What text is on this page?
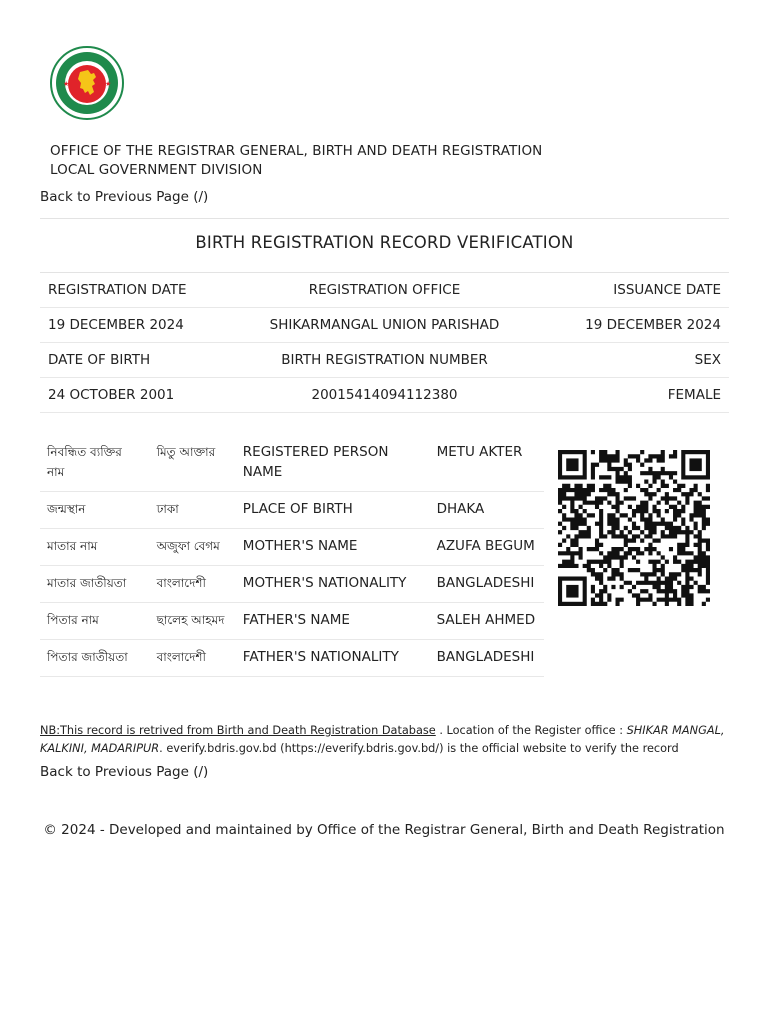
★	★
OFFICE OF THE REGISTRAR GENERAL, BIRTH AND DEATH REGISTRATION
LOCAL GOVERNMENT DIVISION
Back to Previous Page (/)
BIRTH REGISTRATION RECORD VERIFICATION
REGISTRATION DATE	REGISTRATION OFFICE	ISSUANCE DATE
19 DECEMBER 2024	SHIKARMANGAL UNION PARISHAD	19 DECEMBER 2024
DATE OF BIRTH	BIRTH REGISTRATION NUMBER	SEX
24 OCTOBER 2001	20015414094112380	FEMALE
নিবন্ধিত ব্যক্তির নাম	মিতু আক্তার	REGISTERED PERSON NAME	METU AKTER
জন্মস্থান	ঢাকা	PLACE OF BIRTH	DHAKA
মাতার নাম	অজুফা বেগম	MOTHER'S NAME	AZUFA BEGUM
মাতার জাতীয়তা	বাংলাদেশী	MOTHER'S NATIONALITY	BANGLADESHI
পিতার নাম	ছালেহ আহমদ	FATHER'S NAME	SALEH AHMED
পিতার জাতীয়তা	বাংলাদেশী	FATHER'S NATIONALITY	BANGLADESHI
NB:This record is retrived from Birth and Death Registration Database . Location of the Register office : SHIKAR MANGAL, KALKINI, MADARIPUR. everify.bdris.gov.bd (https://everify.bdris.gov.bd/) is the official website to verify the record
Back to Previous Page (/)
© 2024 - Developed and maintained by Office of the Registrar General, Birth and Death Registration
